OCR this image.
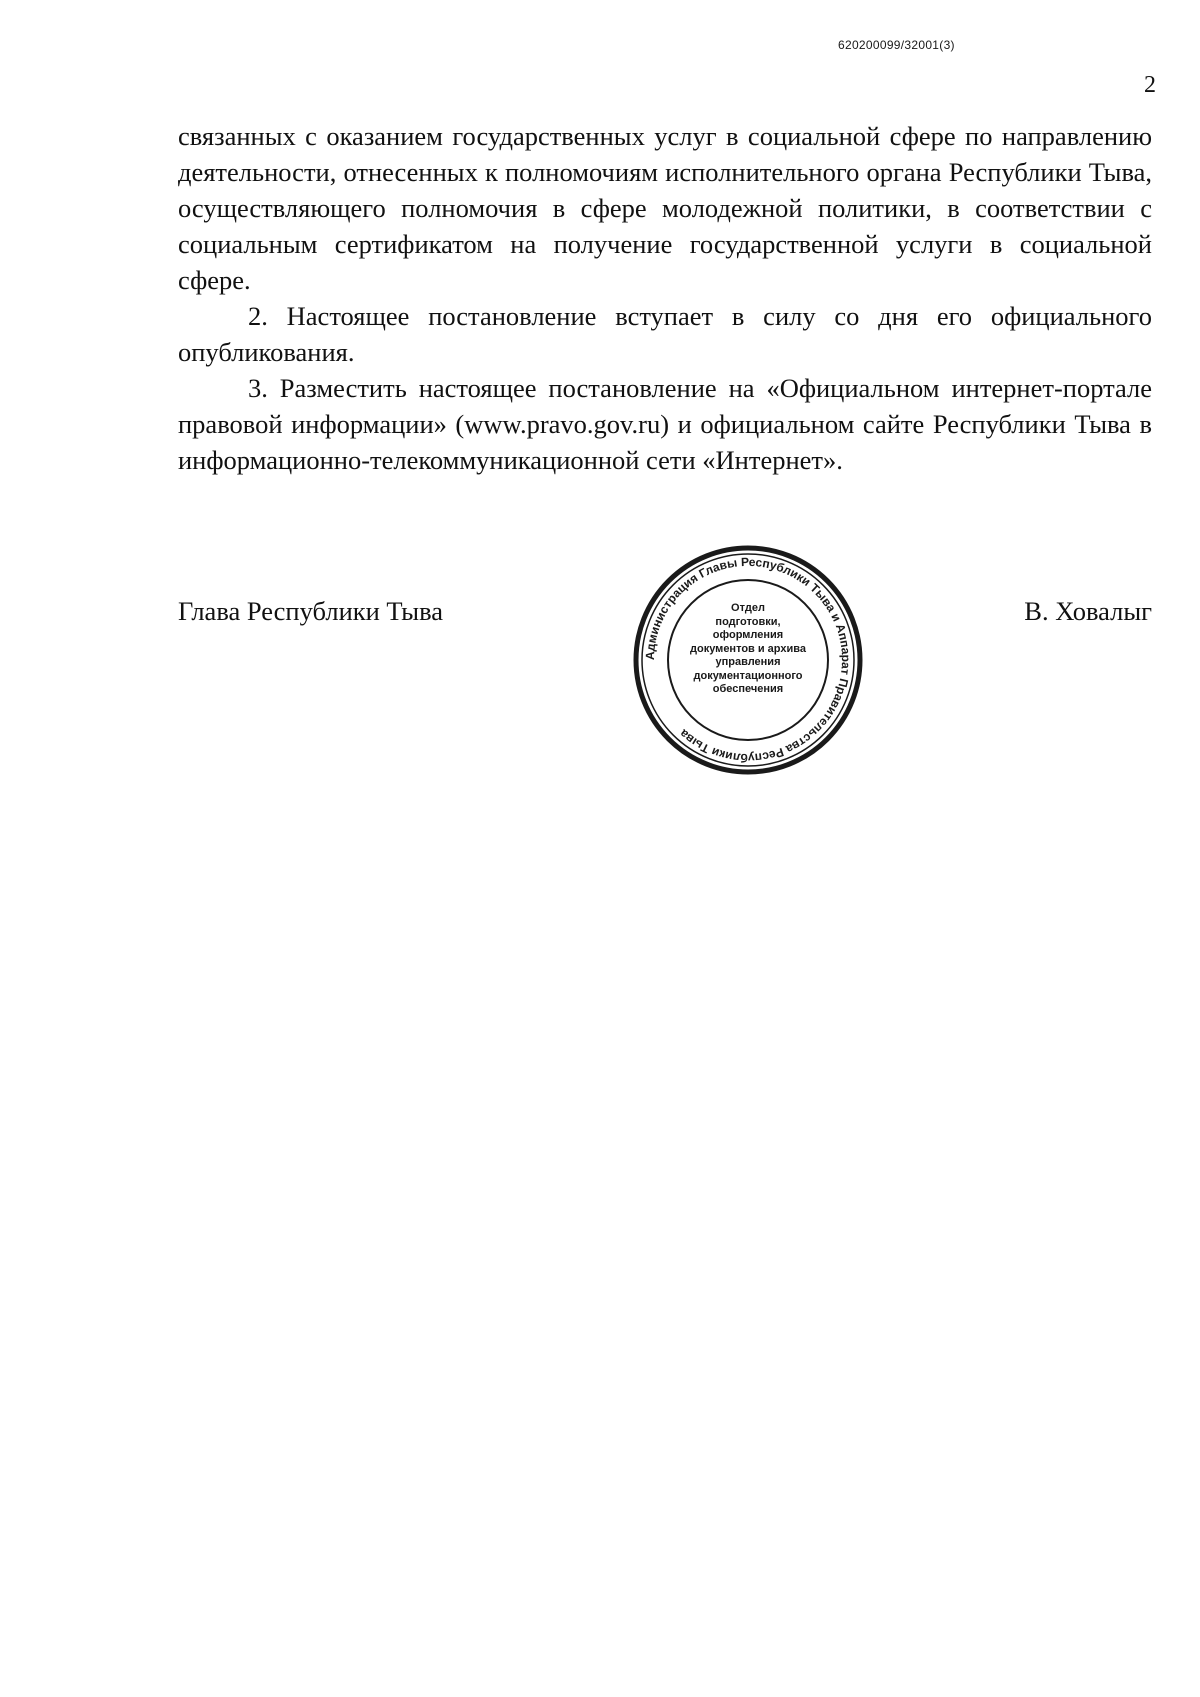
620200099/32001(3)
2

связанных с оказанием государственных услуг в социальной сфере по направлению деятельности, отнесенных к полномочиям исполнительного органа Республики Тыва, осуществляющего полномочия в сфере молодежной политики, в соответствии с социальным сертификатом на получение государственной услуги в социальной сфере.

2. Настоящее постановление вступает в силу со дня его официального опубликования.

3. Разместить настоящее постановление на «Официальном интернет-портале правовой информации» (www.pravo.gov.ru) и официальном сайте Республики Тыва в информационно-телекоммуникационной сети «Интернет».

Глава Республики Тыва	В. Ховалыг
Администрация Главы Республики Тыва и Аппарат Правительства Республики Тыва
Отдел
подготовки,
оформления
документов и архива
управления
документационного
обеспечения
